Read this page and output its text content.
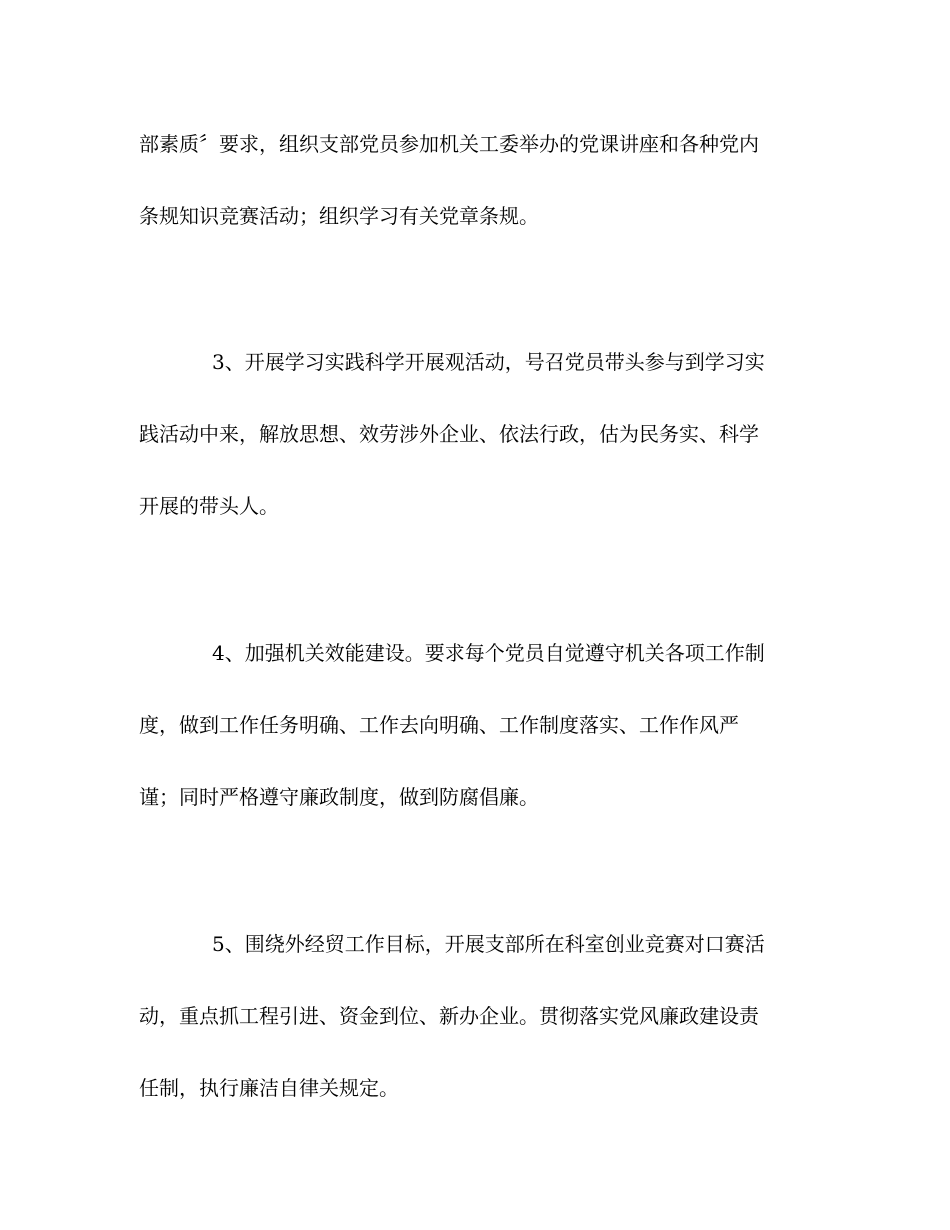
部素质〞要求，组织支部党员参加机关工委举办的党课讲座和各种党内
条规知识竞赛活动；组织学习有关党章条规。
3、开展学习实践科学开展观活动，号召党员带头参与到学习实
践活动中来，解放思想、效劳涉外企业、依法行政，估为民务实、科学
开展的带头人。
4、加强机关效能建设。要求每个党员自觉遵守机关各项工作制
度，做到工作任务明确、工作去向明确、工作制度落实、工作作风严
谨；同时严格遵守廉政制度，做到防腐倡廉。
5、围绕外经贸工作目标，开展支部所在科室创业竞赛对口赛活
动，重点抓工程引进、资金到位、新办企业。贯彻落实党风廉政建设责
任制，执行廉洁自律关规定。
